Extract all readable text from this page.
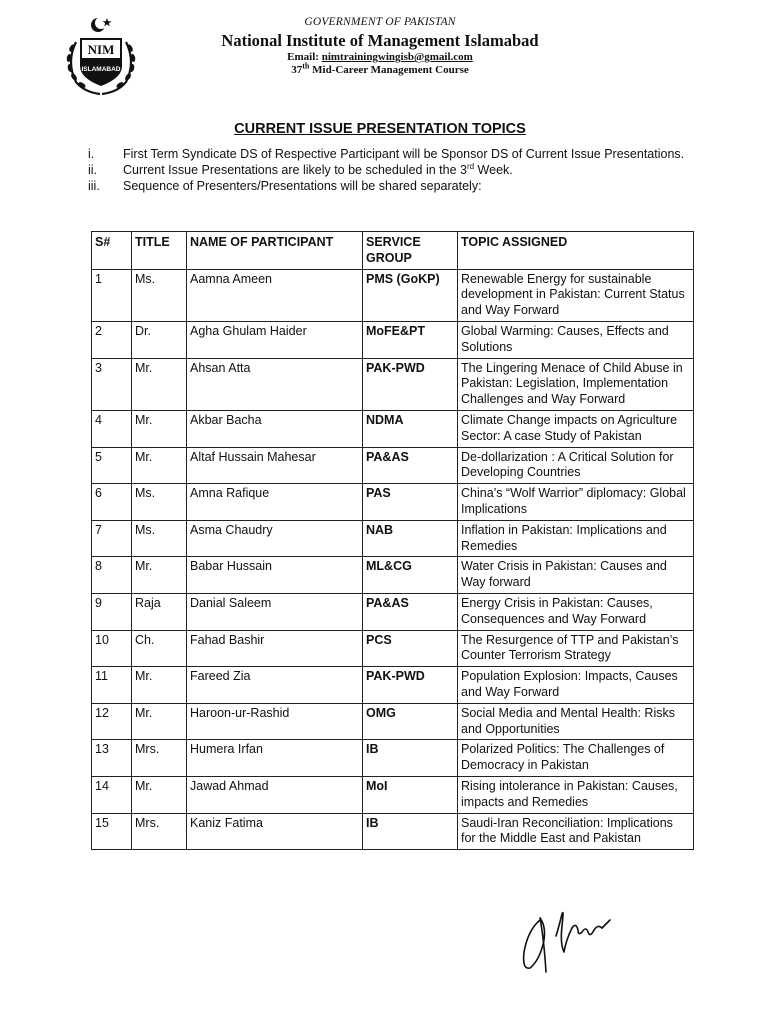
NIM
ISLAMABAD
GOVERNMENT OF PAKISTAN
National Institute of Management Islamabad
Email: nimtrainingwingisb@gmail.com
37th Mid-Career Management Course
CURRENT ISSUE PRESENTATION TOPICS
i.	First Term Syndicate DS of Respective Participant will be Sponsor DS of Current Issue Presentations.
ii.	Current Issue Presentations are likely to be scheduled in the 3rd Week.
iii.	Sequence of Presenters/Presentations will be shared separately:
S#	TITLE	NAME OF PARTICIPANT	SERVICE GROUP	TOPIC ASSIGNED
1	Ms.	Aamna Ameen	PMS (GoKP)	Renewable Energy for sustainable development in Pakistan: Current Status and Way Forward
2	Dr.	Agha Ghulam Haider	MoFE&PT	Global Warming: Causes, Effects and Solutions
3	Mr.	Ahsan Atta	PAK-PWD	The Lingering Menace of Child Abuse in Pakistan: Legislation, Implementation Challenges and Way Forward
4	Mr.	Akbar Bacha	NDMA	Climate Change impacts on Agriculture Sector: A case Study of Pakistan
5	Mr.	Altaf Hussain Mahesar	PA&AS	De-dollarization : A Critical Solution for Developing Countries
6	Ms.	Amna Rafique	PAS	China’s “Wolf Warrior” diplomacy: Global Implications
7	Ms.	Asma Chaudry	NAB	Inflation in Pakistan: Implications and Remedies
8	Mr.	Babar Hussain	ML&CG	Water Crisis in Pakistan: Causes and Way forward
9	Raja	Danial Saleem	PA&AS	Energy Crisis in Pakistan: Causes, Consequences and Way Forward
10	Ch.	Fahad Bashir	PCS	The Resurgence of TTP and Pakistan’s Counter Terrorism Strategy
11	Mr.	Fareed Zia	PAK-PWD	Population Explosion: Impacts, Causes and Way Forward
12	Mr.	Haroon-ur-Rashid	OMG	Social Media and Mental Health: Risks and Opportunities
13	Mrs.	Humera Irfan	IB	Polarized Politics: The Challenges of Democracy in Pakistan
14	Mr.	Jawad Ahmad	MoI	Rising intolerance in Pakistan: Causes, impacts and Remedies
15	Mrs.	Kaniz Fatima	IB	Saudi-Iran Reconciliation: Implications for the Middle East and Pakistan
